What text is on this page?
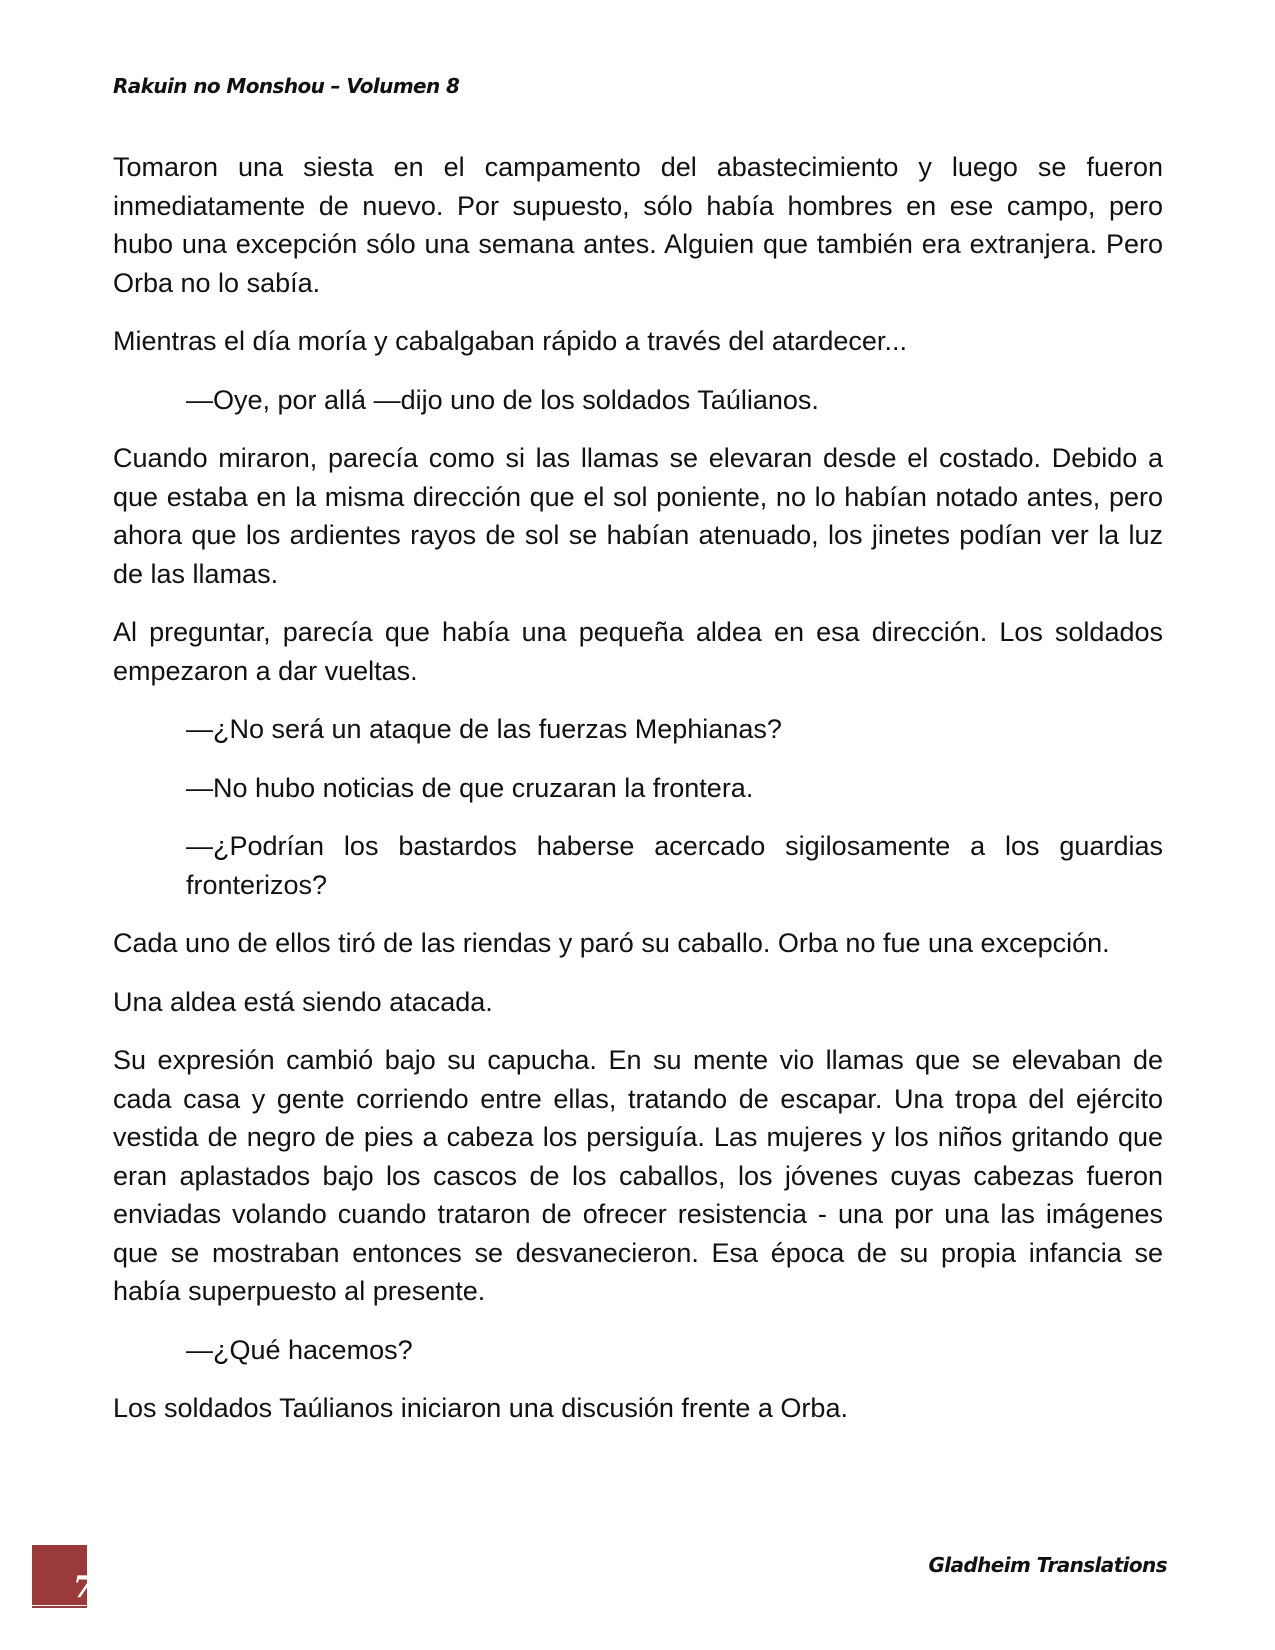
Rakuin no Monshou – Volumen 8

Tomaron una siesta en el campamento del abastecimiento y luego se fueron inmediatamente de nuevo. Por supuesto, sólo había hombres en ese campo, pero hubo una excepción sólo una semana antes. Alguien que también era extranjera. Pero Orba no lo sabía.

Mientras el día moría y cabalgaban rápido a través del atardecer...

—Oye, por allá —dijo uno de los soldados Taúlianos.

Cuando miraron, parecía como si las llamas se elevaran desde el costado. Debido a que estaba en la misma dirección que el sol poniente, no lo habían notado antes, pero ahora que los ardientes rayos de sol se habían atenuado, los jinetes podían ver la luz de las llamas.

Al preguntar, parecía que había una pequeña aldea en esa dirección. Los soldados empezaron a dar vueltas.

—¿No será un ataque de las fuerzas Mephianas?

—No hubo noticias de que cruzaran la frontera.

—¿Podrían los bastardos haberse acercado sigilosamente a los guardias fronterizos?

Cada uno de ellos tiró de las riendas y paró su caballo. Orba no fue una excepción.

Una aldea está siendo atacada.

Su expresión cambió bajo su capucha. En su mente vio llamas que se elevaban de cada casa y gente corriendo entre ellas, tratando de escapar. Una tropa del ejército vestida de negro de pies a cabeza los persiguía. Las mujeres y los niños gritando que eran aplastados bajo los cascos de los caballos, los jóvenes cuyas cabezas fueron enviadas volando cuando trataron de ofrecer resistencia - una por una las imágenes que se mostraban entonces se desvanecieron. Esa época de su propia infancia se había superpuesto al presente.

—¿Qué hacemos?

Los soldados Taúlianos iniciaron una discusión frente a Orba.

7
Gladheim Translations
